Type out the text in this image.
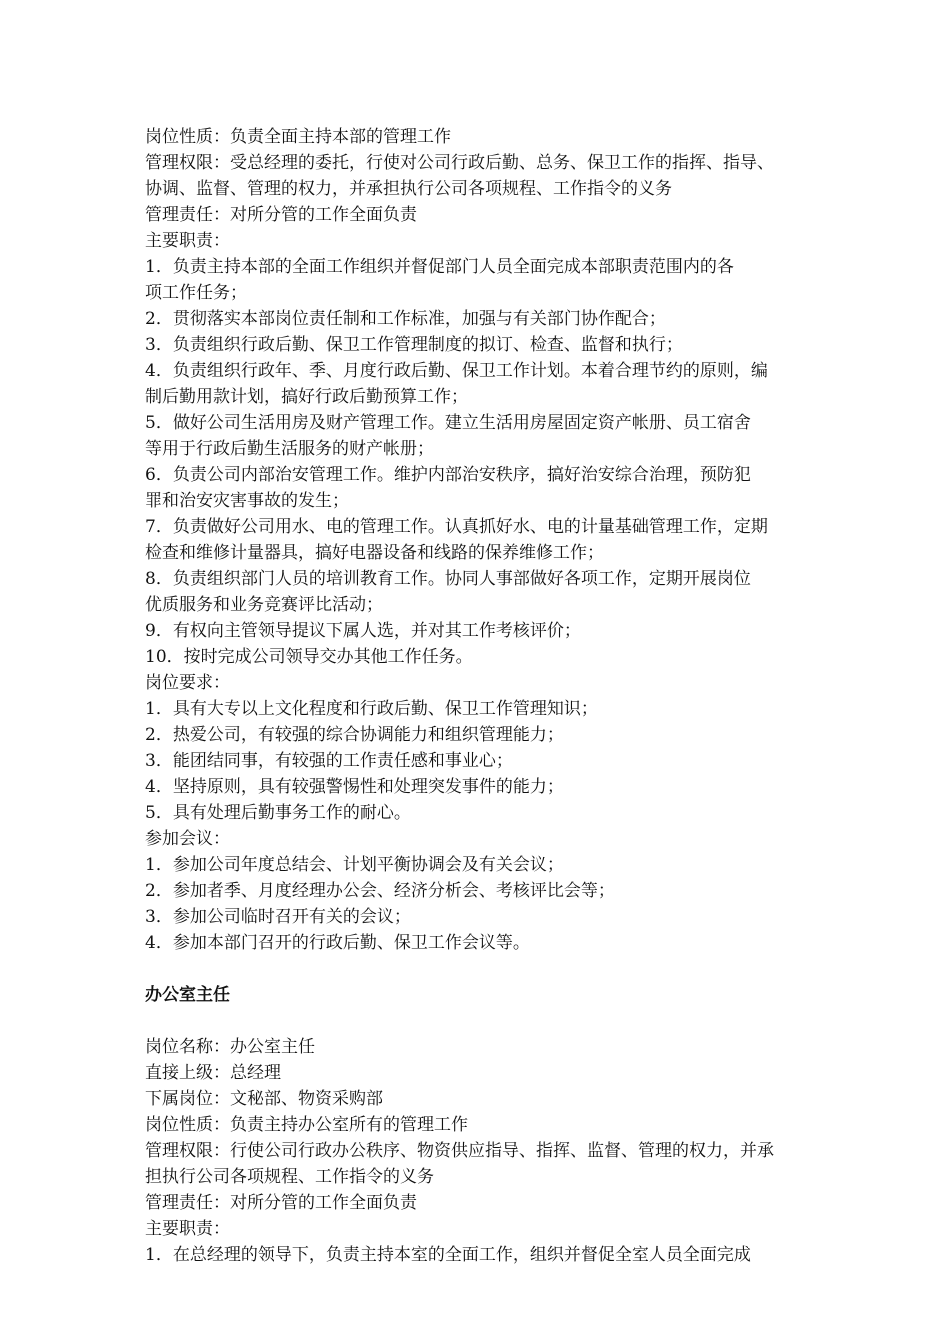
岗位性质：负责全面主持本部的管理工作
管理权限：受总经理的委托，行使对公司行政后勤、总务、保卫工作的指挥、指导、
协调、监督、管理的权力，并承担执行公司各项规程、工作指令的义务
管理责任：对所分管的工作全面负责
主要职责：
1．负责主持本部的全面工作组织并督促部门人员全面完成本部职责范围内的各
项工作任务；
2．贯彻落实本部岗位责任制和工作标准，加强与有关部门协作配合；
3．负责组织行政后勤、保卫工作管理制度的拟订、检查、监督和执行；
4．负责组织行政年、季、月度行政后勤、保卫工作计划。本着合理节约的原则，编
制后勤用款计划，搞好行政后勤预算工作；
5．做好公司生活用房及财产管理工作。建立生活用房屋固定资产帐册、员工宿舍
等用于行政后勤生活服务的财产帐册；
6．负责公司内部治安管理工作。维护内部治安秩序，搞好治安综合治理，预防犯
罪和治安灾害事故的发生；
7．负责做好公司用水、电的管理工作。认真抓好水、电的计量基础管理工作，定期
检查和维修计量器具，搞好电器设备和线路的保养维修工作；
8．负责组织部门人员的培训教育工作。协同人事部做好各项工作，定期开展岗位
优质服务和业务竞赛评比活动；
9．有权向主管领导提议下属人选，并对其工作考核评价；
10．按时完成公司领导交办其他工作任务。
岗位要求：
1．具有大专以上文化程度和行政后勤、保卫工作管理知识；
2．热爱公司，有较强的综合协调能力和组织管理能力；
3．能团结同事，有较强的工作责任感和事业心；
4．坚持原则，具有较强警惕性和处理突发事件的能力；
5．具有处理后勤事务工作的耐心。
参加会议：
1．参加公司年度总结会、计划平衡协调会及有关会议；
2．参加者季、月度经理办公会、经济分析会、考核评比会等；
3．参加公司临时召开有关的会议；
4．参加本部门召开的行政后勤、保卫工作会议等。
办公室主任
岗位名称：办公室主任
直接上级：总经理
下属岗位：文秘部、物资采购部
岗位性质：负责主持办公室所有的管理工作
管理权限：行使公司行政办公秩序、物资供应指导、指挥、监督、管理的权力，并承
担执行公司各项规程、工作指令的义务
管理责任：对所分管的工作全面负责
主要职责：
1．在总经理的领导下，负责主持本室的全面工作，组织并督促全室人员全面完成
